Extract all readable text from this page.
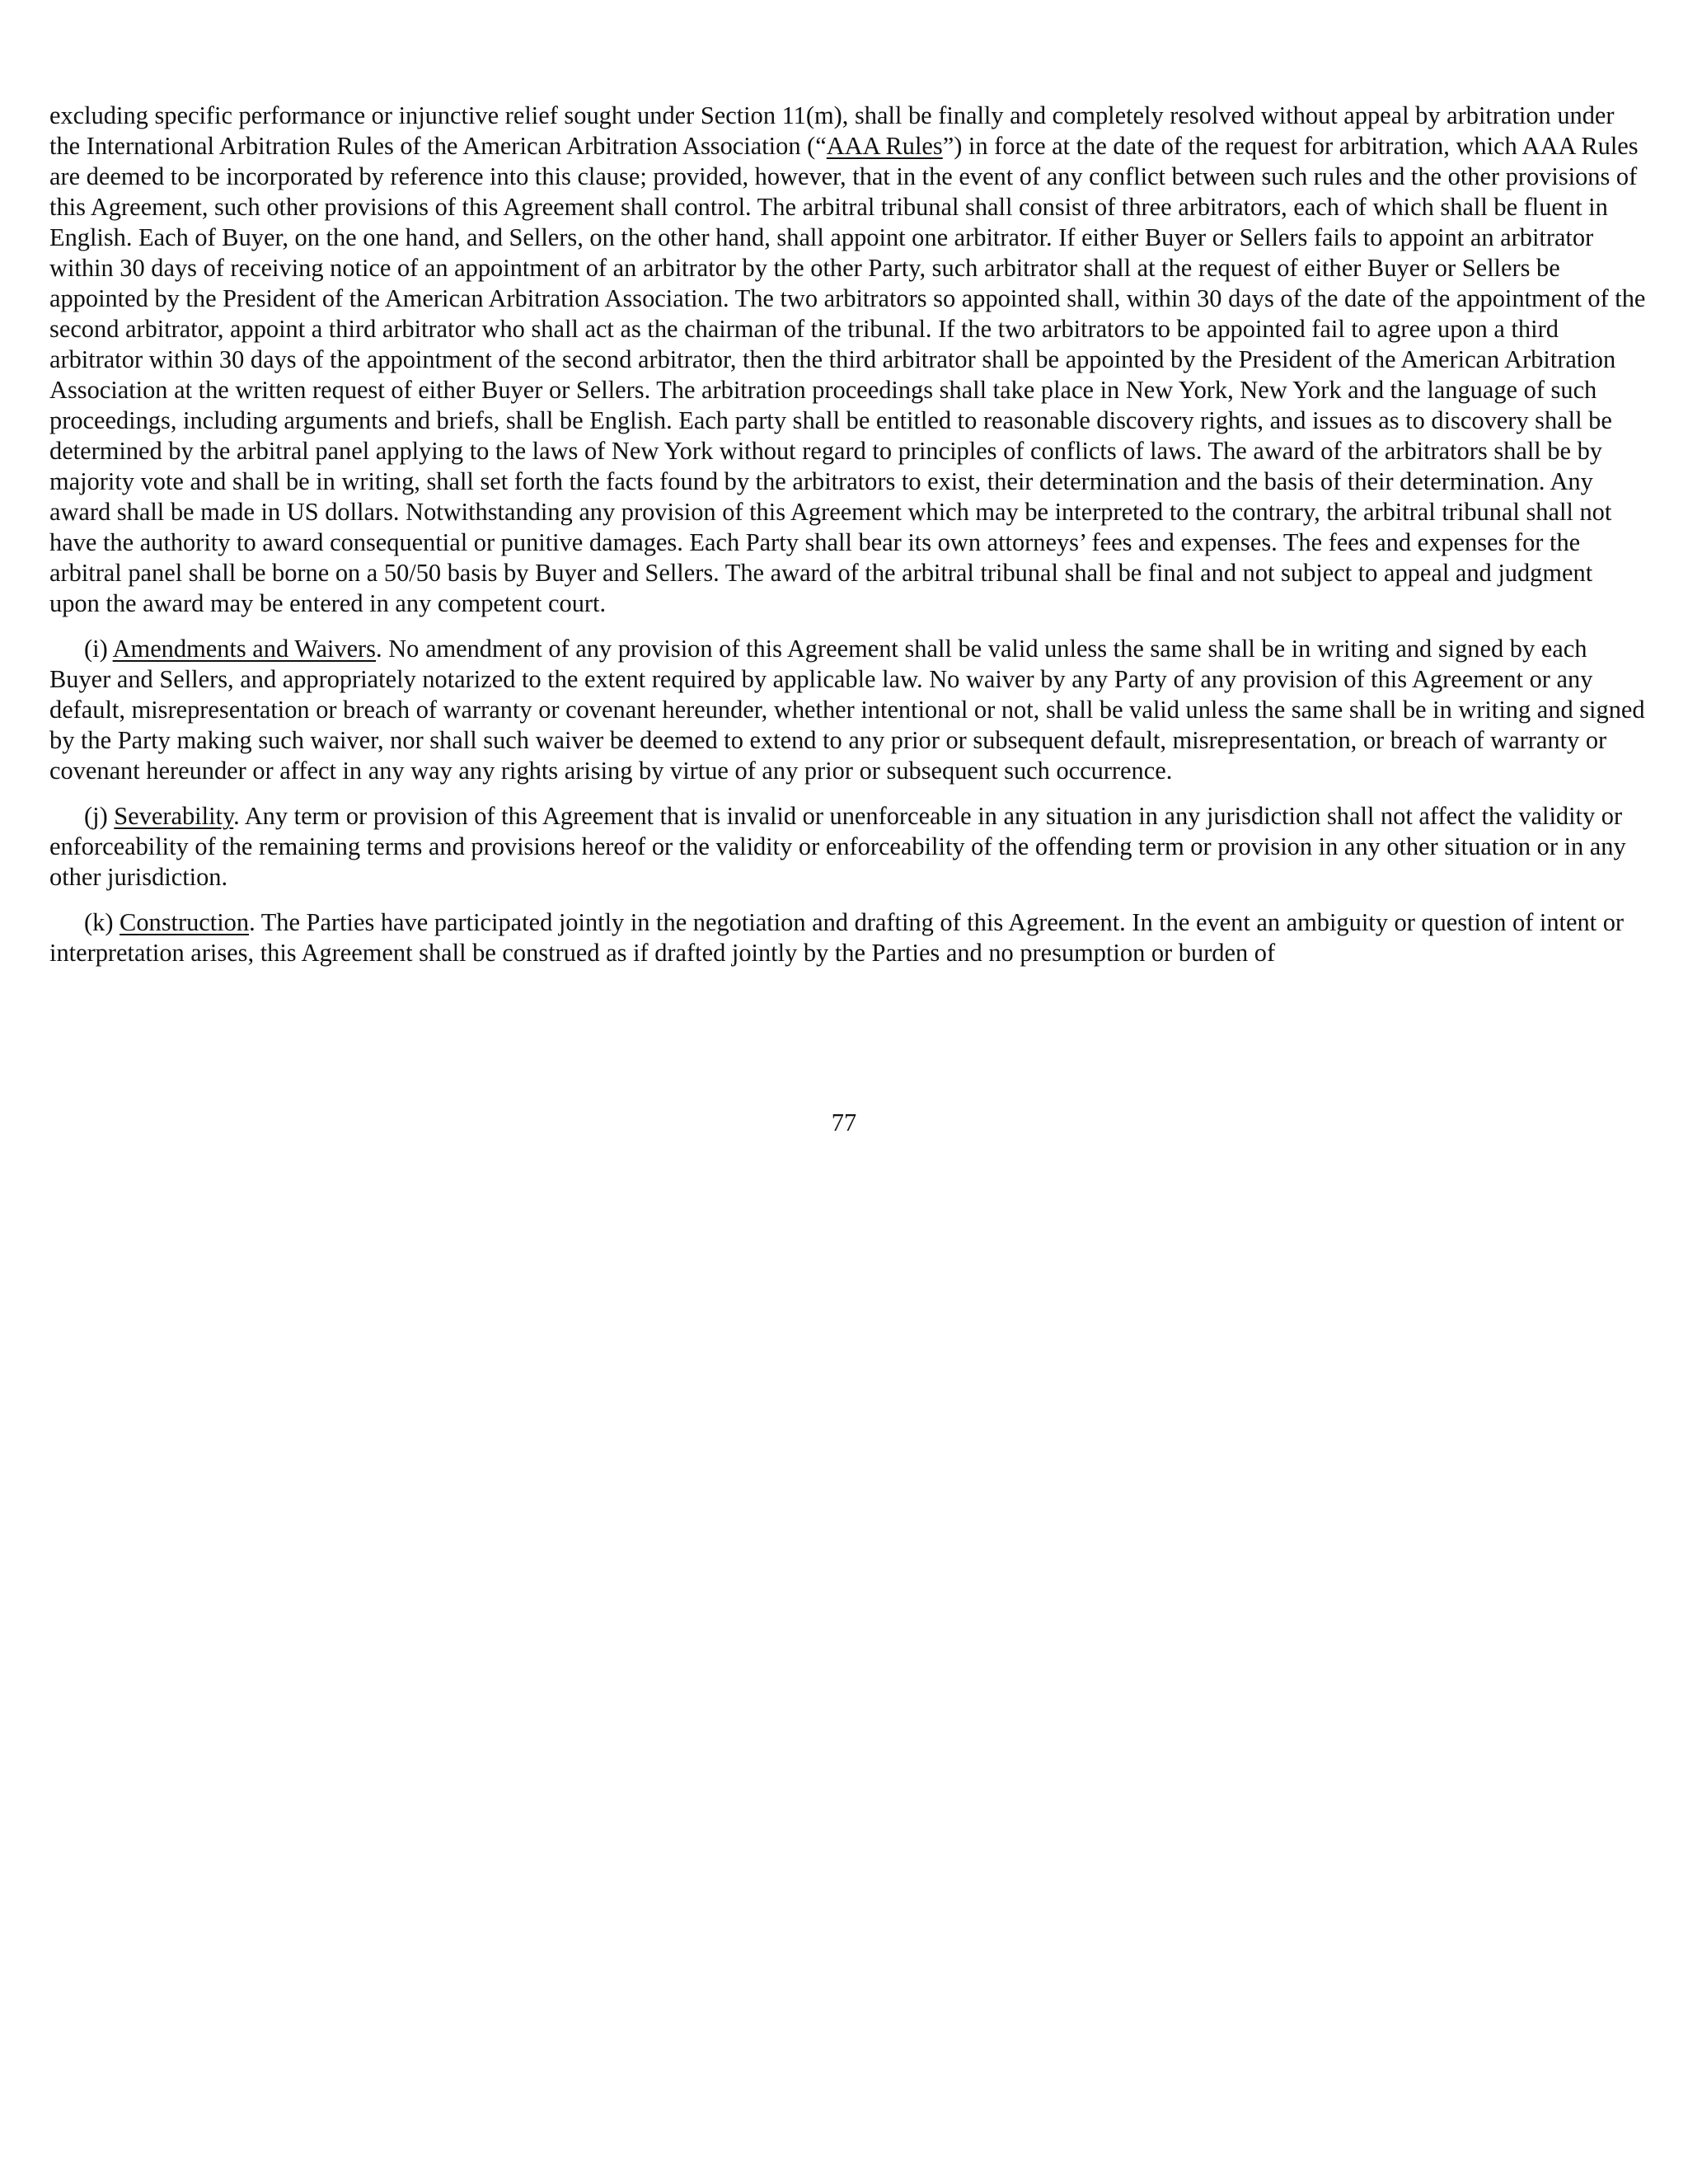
excluding specific performance or injunctive relief sought under Section 11(m), shall be finally and completely resolved without appeal by arbitration under the International Arbitration Rules of the American Arbitration Association (“AAA Rules”) in force at the date of the request for arbitration, which AAA Rules are deemed to be incorporated by reference into this clause; provided, however, that in the event of any conflict between such rules and the other provisions of this Agreement, such other provisions of this Agreement shall control. The arbitral tribunal shall consist of three arbitrators, each of which shall be fluent in English. Each of Buyer, on the one hand, and Sellers, on the other hand, shall appoint one arbitrator. If either Buyer or Sellers fails to appoint an arbitrator within 30 days of receiving notice of an appointment of an arbitrator by the other Party, such arbitrator shall at the request of either Buyer or Sellers be appointed by the President of the American Arbitration Association. The two arbitrators so appointed shall, within 30 days of the date of the appointment of the second arbitrator, appoint a third arbitrator who shall act as the chairman of the tribunal. If the two arbitrators to be appointed fail to agree upon a third arbitrator within 30 days of the appointment of the second arbitrator, then the third arbitrator shall be appointed by the President of the American Arbitration Association at the written request of either Buyer or Sellers. The arbitration proceedings shall take place in New York, New York and the language of such proceedings, including arguments and briefs, shall be English. Each party shall be entitled to reasonable discovery rights, and issues as to discovery shall be determined by the arbitral panel applying to the laws of New York without regard to principles of conflicts of laws. The award of the arbitrators shall be by majority vote and shall be in writing, shall set forth the facts found by the arbitrators to exist, their determination and the basis of their determination. Any award shall be made in US dollars. Notwithstanding any provision of this Agreement which may be interpreted to the contrary, the arbitral tribunal shall not have the authority to award consequential or punitive damages. Each Party shall bear its own attorneys’ fees and expenses. The fees and expenses for the arbitral panel shall be borne on a 50/50 basis by Buyer and Sellers. The award of the arbitral tribunal shall be final and not subject to appeal and judgment upon the award may be entered in any competent court.

(i) Amendments and Waivers. No amendment of any provision of this Agreement shall be valid unless the same shall be in writing and signed by each Buyer and Sellers, and appropriately notarized to the extent required by applicable law. No waiver by any Party of any provision of this Agreement or any default, misrepresentation or breach of warranty or covenant hereunder, whether intentional or not, shall be valid unless the same shall be in writing and signed by the Party making such waiver, nor shall such waiver be deemed to extend to any prior or subsequent default, misrepresentation, or breach of warranty or covenant hereunder or affect in any way any rights arising by virtue of any prior or subsequent such occurrence.

(j) Severability. Any term or provision of this Agreement that is invalid or unenforceable in any situation in any jurisdiction shall not affect the validity or enforceability of the remaining terms and provisions hereof or the validity or enforceability of the offending term or provision in any other situation or in any other jurisdiction.

(k) Construction. The Parties have participated jointly in the negotiation and drafting of this Agreement. In the event an ambiguity or question of intent or interpretation arises, this Agreement shall be construed as if drafted jointly by the Parties and no presumption or burden of

77
